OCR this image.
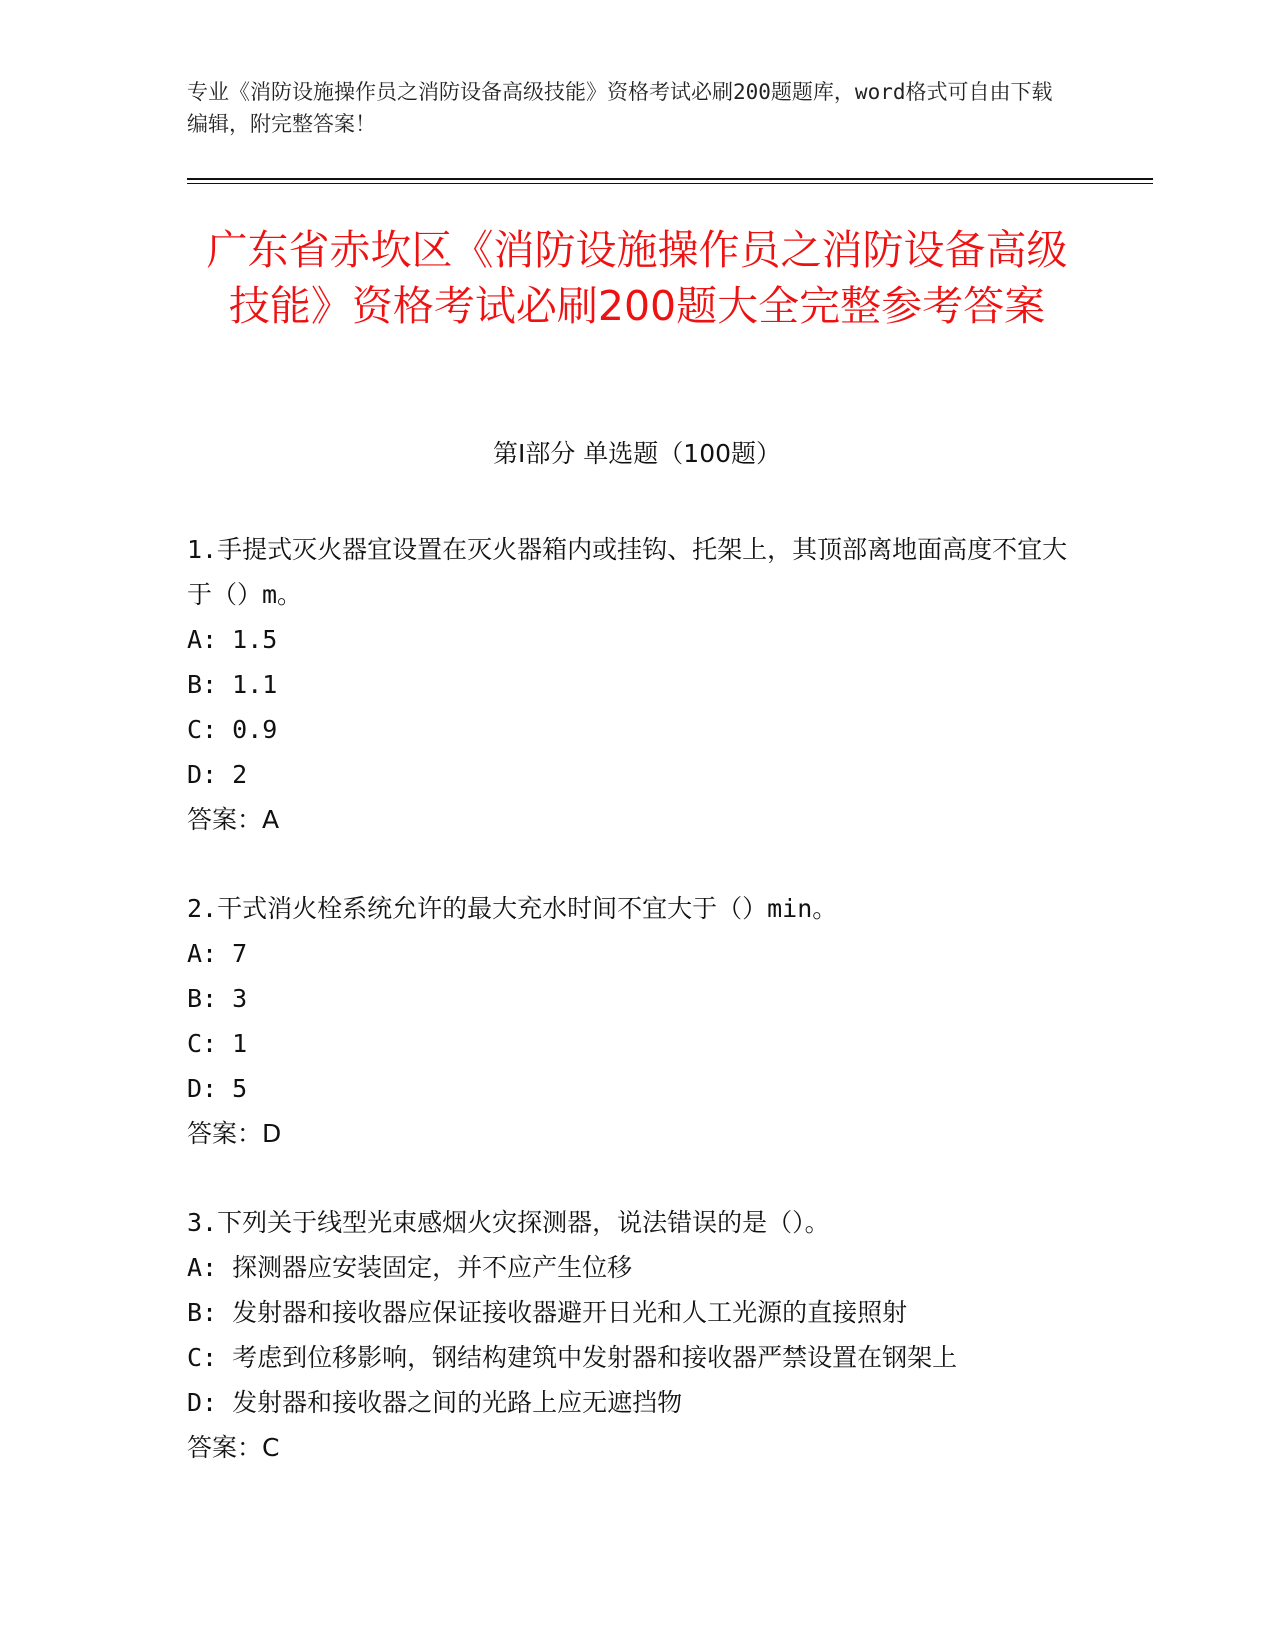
专业《消防设施操作员之消防设备高级技能》资格考试必刷200题题库，word格式可自由下载编辑，附完整答案！

广东省赤坎区《消防设施操作员之消防设备高级技能》资格考试必刷200题大全完整参考答案
第I部分 单选题（100题）

1.手提式灭火器宜设置在灭火器箱内或挂钩、托架上，其顶部离地面高度不宜大于（）m。

A: 1.5

B: 1.1

C: 0.9

D: 2

答案：A

2.干式消火栓系统允许的最大充水时间不宜大于（）min。

A: 7

B: 3

C: 1

D: 5

答案：D

3.下列关于线型光束感烟火灾探测器，说法错误的是（）。

A: 探测器应安装固定，并不应产生位移

B: 发射器和接收器应保证接收器避开日光和人工光源的直接照射

C: 考虑到位移影响，钢结构建筑中发射器和接收器严禁设置在钢架上

D: 发射器和接收器之间的光路上应无遮挡物

答案：C
